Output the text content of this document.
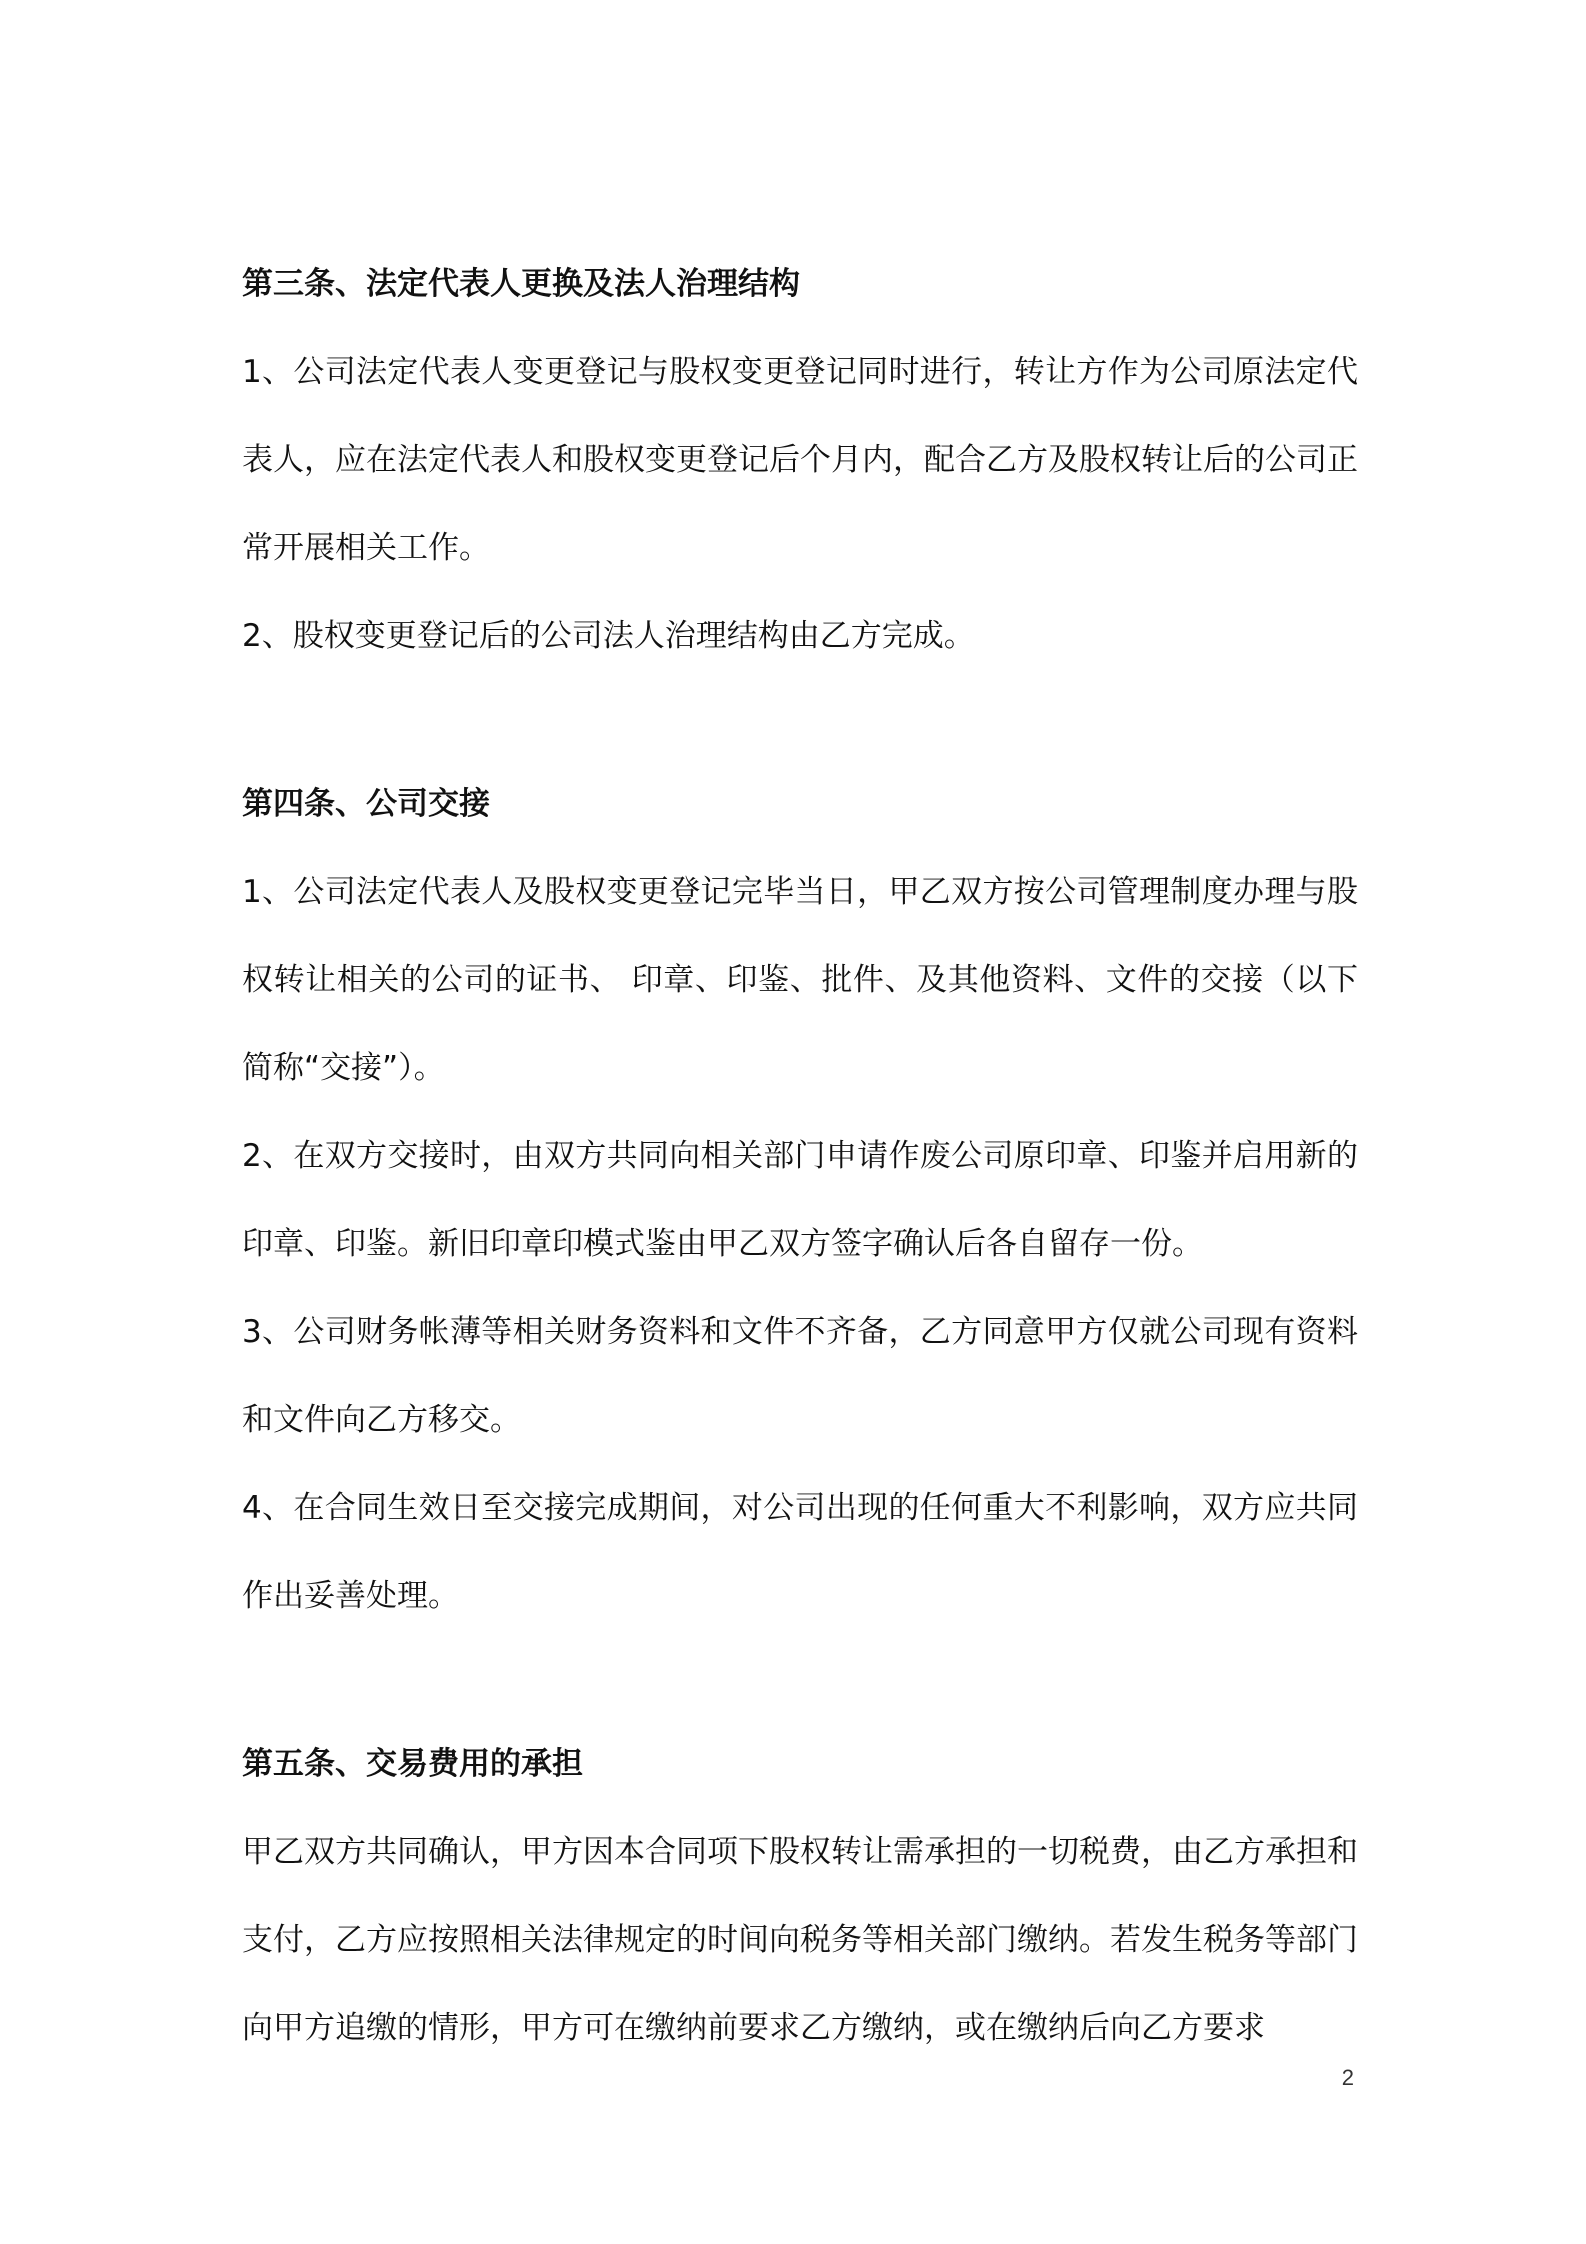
第三条、法定代表人更换及法人治理结构

1、公司法定代表人变更登记与股权变更登记同时进行，转让方作为公司原法定代表人，应在法定代表人和股权变更登记后个月内，配合乙方及股权转让后的公司正常开展相关工作。

2、股权变更登记后的公司法人治理结构由乙方完成。

第四条、公司交接

1、公司法定代表人及股权变更登记完毕当日，甲乙双方按公司管理制度办理与股权转让相关的公司的证书、 印章、印鉴、批件、及其他资料、文件的交接（以下简称“交接”）。

2、在双方交接时，由双方共同向相关部门申请作废公司原印章、印鉴并启用新的印章、印鉴。新旧印章印模式鉴由甲乙双方签字确认后各自留存一份。

3、公司财务帐薄等相关财务资料和文件不齐备，乙方同意甲方仅就公司现有资料和文件向乙方移交。

4、在合同生效日至交接完成期间，对公司出现的任何重大不利影响，双方应共同作出妥善处理。

第五条、交易费用的承担

甲乙双方共同确认，甲方因本合同项下股权转让需承担的一切税费，由乙方承担和支付，乙方应按照相关法律规定的时间向税务等相关部门缴纳。若发生税务等部门向甲方追缴的情形，甲方可在缴纳前要求乙方缴纳，或在缴纳后向乙方要求

2
